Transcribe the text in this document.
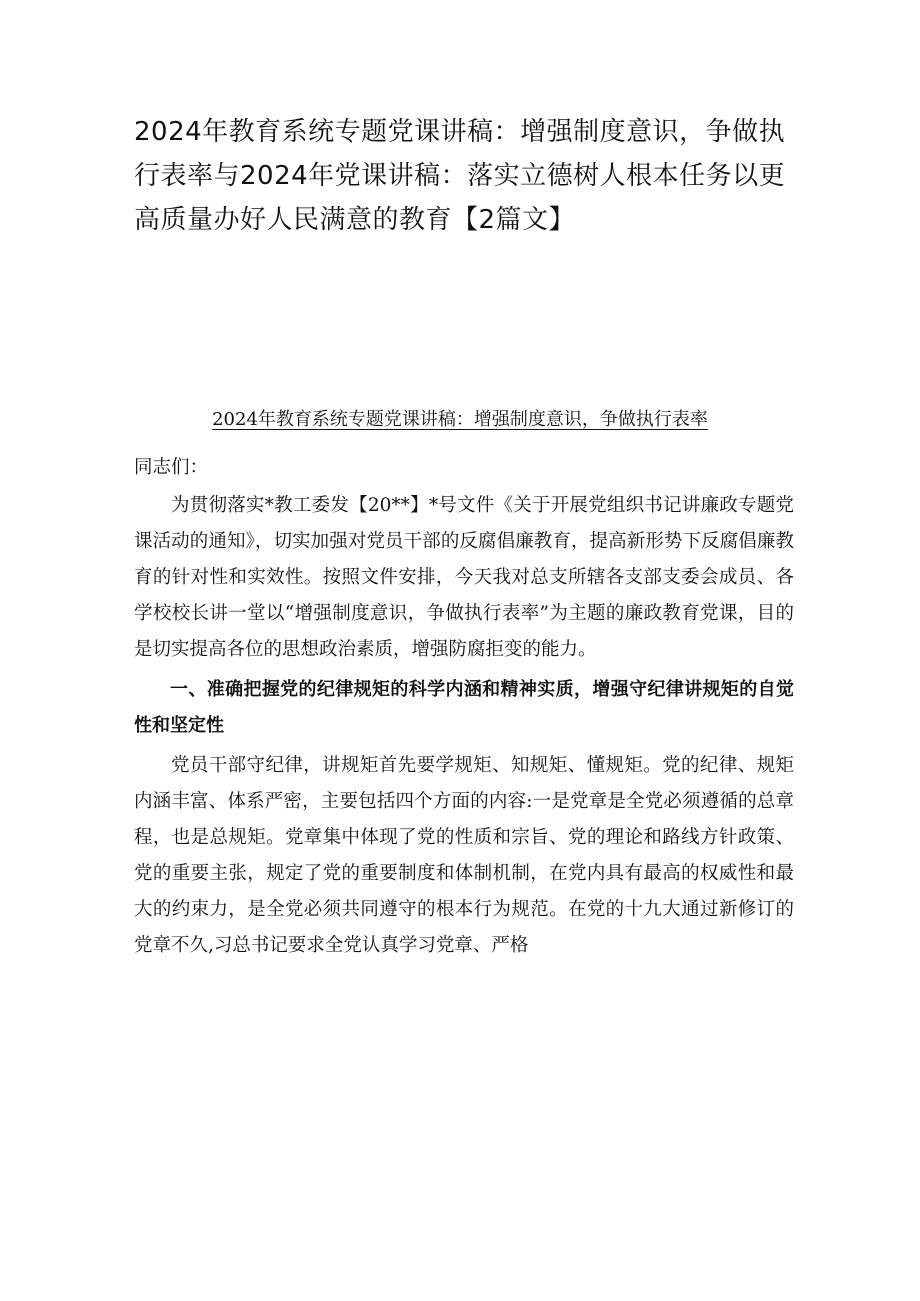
2024年教育系统专题党课讲稿：增强制度意识，争做执行表率与2024年党课讲稿：落实立德树人根本任务以更高质量办好人民满意的教育【2篇文】
2024年教育系统专题党课讲稿：增强制度意识，争做执行表率

同志们：

为贯彻落实*教工委发【20**】*号文件《关于开展党组织书记讲廉政专题党课活动的通知》，切实加强对党员干部的反腐倡廉教育，提高新形势下反腐倡廉教育的针对性和实效性。按照文件安排，今天我对总支所辖各支部支委会成员、各学校校长讲一堂以“增强制度意识，争做执行表率”为主题的廉政教育党课，目的是切实提高各位的思想政治素质，增强防腐拒变的能力。

一、准确把握党的纪律规矩的科学内涵和精神实质，增强守纪律讲规矩的自觉性和坚定性

党员干部守纪律，讲规矩首先要学规矩、知规矩、懂规矩。党的纪律、规矩内涵丰富、体系严密，主要包括四个方面的内容:一是党章是全党必须遵循的总章程，也是总规矩。党章集中体现了党的性质和宗旨、党的理论和路线方针政策、党的重要主张，规定了党的重要制度和体制机制，在党内具有最高的权威性和最大的约束力，是全党必须共同遵守的根本行为规范。在党的十九大通过新修订的党章不久,习总书记要求全党认真学习党章、严格
